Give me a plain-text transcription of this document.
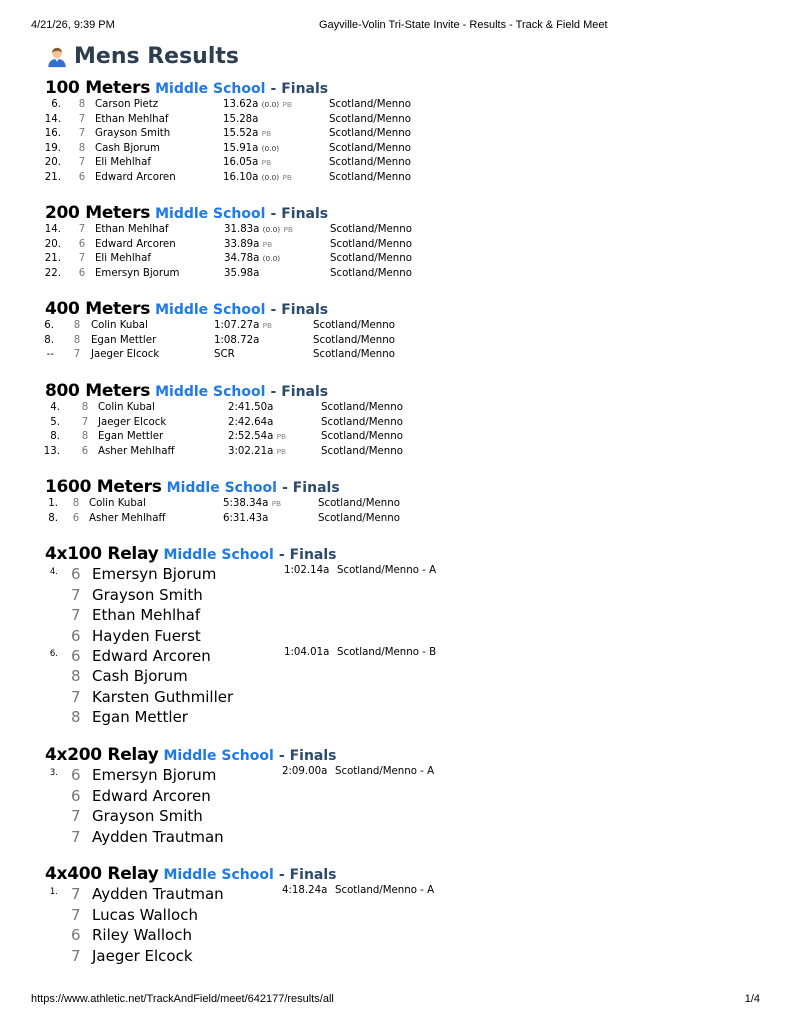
4/21/26, 9:39 PM	Gayville-Volin Tri-State Invite - Results - Track & Field Meet
Mens Results
100 Meters Middle School - Finals
6. 8 Carson Pietz	13.62a (0.0) PB	Scotland/Menno
14. 7 Ethan Mehlhaf	15.28a	Scotland/Menno
16. 7 Grayson Smith	15.52a PB	Scotland/Menno
19. 8 Cash Bjorum	15.91a (0.0)	Scotland/Menno
20. 7 Eli Mehlhaf	16.05a PB	Scotland/Menno
21. 6 Edward Arcoren	16.10a (0.0) PB	Scotland/Menno
200 Meters Middle School - Finals
14. 7 Ethan Mehlhaf	31.83a (0.0) PB	Scotland/Menno
20. 6 Edward Arcoren	33.89a PB	Scotland/Menno
21. 7 Eli Mehlhaf	34.78a (0.0)	Scotland/Menno
22. 6 Emersyn Bjorum	35.98a	Scotland/Menno
400 Meters Middle School - Finals
6. 8 Colin Kubal	1:07.27a PB	Scotland/Menno
8. 8 Egan Mettler	1:08.72a	Scotland/Menno
-- 7 Jaeger Elcock	SCR	Scotland/Menno
800 Meters Middle School - Finals
4. 8 Colin Kubal	2:41.50a	Scotland/Menno
5. 7 Jaeger Elcock	2:42.64a	Scotland/Menno
8. 8 Egan Mettler	2:52.54a PB	Scotland/Menno
13. 6 Asher Mehlhaff	3:02.21a PB	Scotland/Menno
1600 Meters Middle School - Finals
1. 8 Colin Kubal	5:38.34a PB	Scotland/Menno
8. 6 Asher Mehlhaff	6:31.43a	Scotland/Menno
4x100 Relay Middle School - Finals
4.	1:02.14a Scotland/Menno - A
6 Emersyn Bjorum
7 Grayson Smith
7 Ethan Mehlhaf
6 Hayden Fuerst
6.	1:04.01a Scotland/Menno - B
6 Edward Arcoren
8 Cash Bjorum
7 Karsten Guthmiller
8 Egan Mettler
4x200 Relay Middle School - Finals
3.	2:09.00a Scotland/Menno - A
6 Emersyn Bjorum
6 Edward Arcoren
7 Grayson Smith
7 Aydden Trautman
4x400 Relay Middle School - Finals
1.	4:18.24a Scotland/Menno - A
7 Aydden Trautman
7 Lucas Walloch
6 Riley Walloch
7 Jaeger Elcock
https://www.athletic.net/TrackAndField/meet/642177/results/all	1/4
